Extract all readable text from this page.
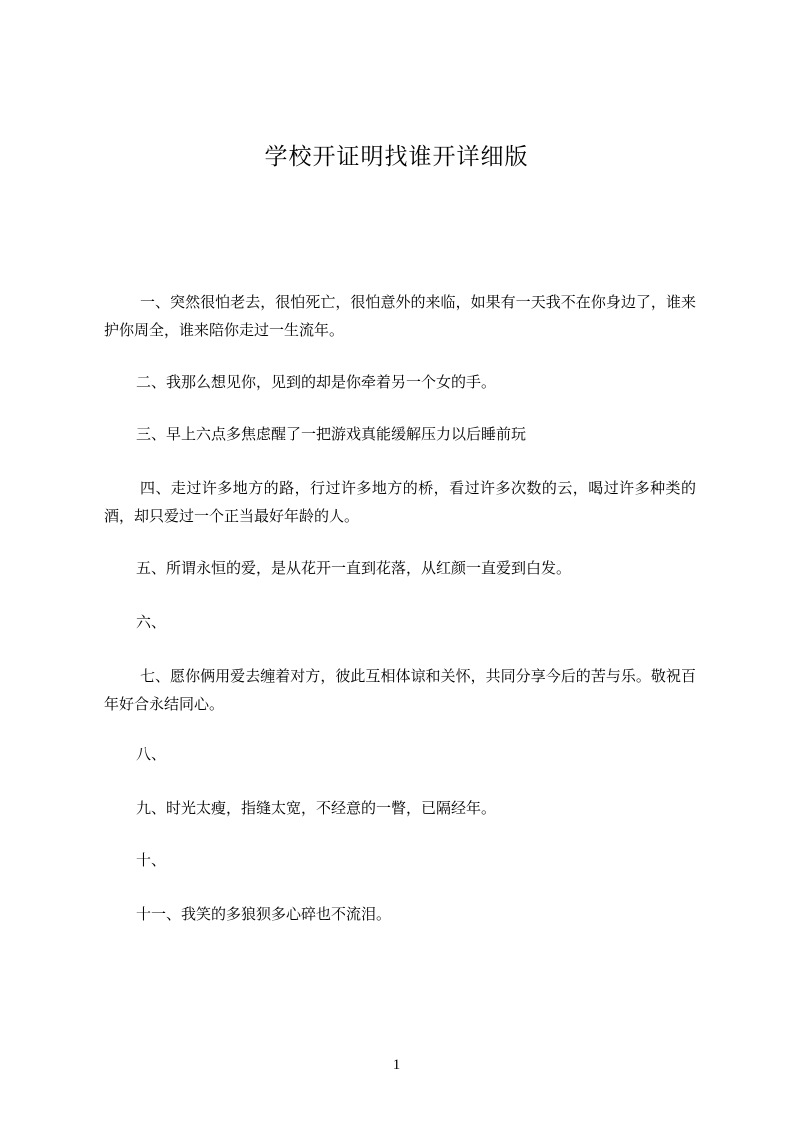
学校开证明找谁开详细版

一、突然很怕老去，很怕死亡，很怕意外的来临，如果有一天我不在你身边了，谁来护你周全，谁来陪你走过一生流年。

二、我那么想见你，见到的却是你牵着另一个女的手。

三、早上六点多焦虑醒了一把游戏真能缓解压力以后睡前玩

四、走过许多地方的路，行过许多地方的桥，看过许多次数的云，喝过许多种类的酒，却只爱过一个正当最好年龄的人。

五、所谓永恒的爱，是从花开一直到花落，从红颜一直爱到白发。

六、

七、愿你俩用爱去缠着对方，彼此互相体谅和关怀，共同分享今后的苦与乐。敬祝百年好合永结同心。

八、

九、时光太瘦，指缝太宽，不经意的一瞥，已隔经年。

十、

十一、我笑的多狼狈多心碎也不流泪。

1
